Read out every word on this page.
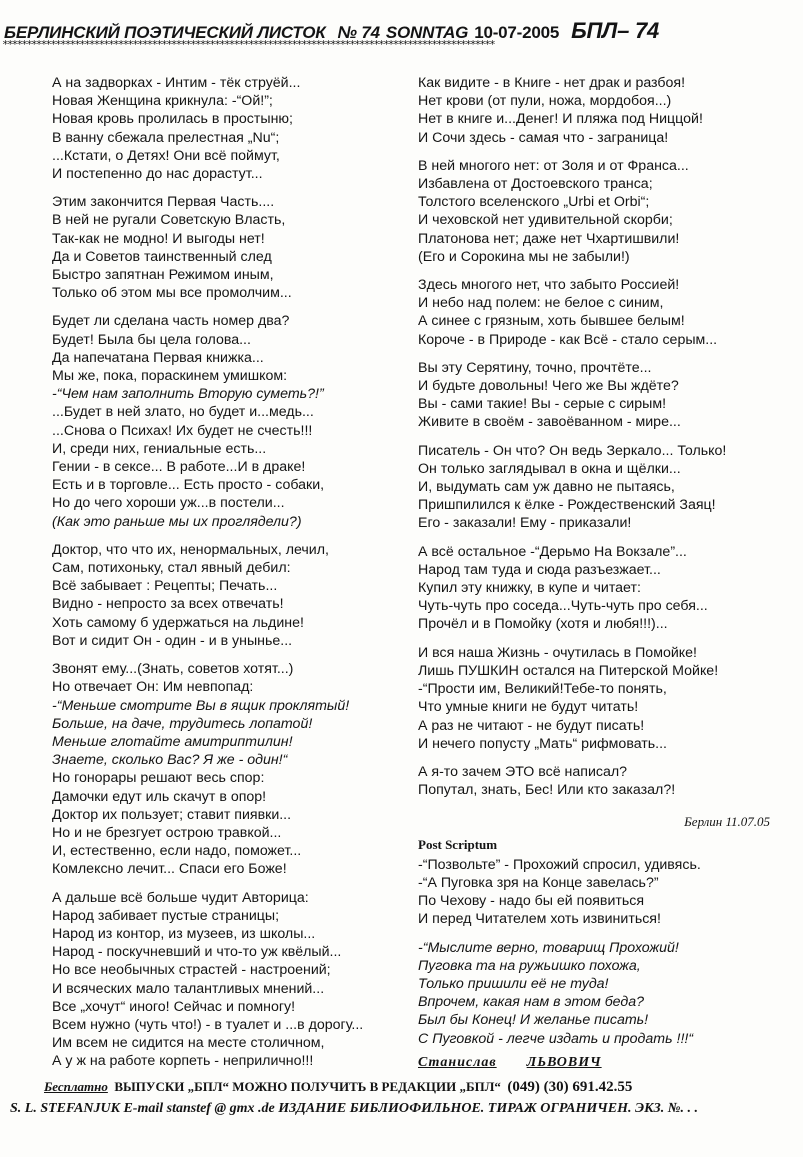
БЕРЛИНСКИЙ ПОЭТИЧЕСКИЙ ЛИСТОК № 74 SONNTAG 10-07-2005 БПЛ– 74
******************************************************************************************************
А на задворках - Интим - тёк струёй...
Новая Женщина крикнула: -“Ой!”;
Новая кровь пролилась в простыню;
В ванну сбежала прелестная „Nu“;
...Кстати, о Детях! Они всё поймут,
И постепенно до нас дорастут...
Этим закончится Первая Часть....
В ней не ругали Советскую Власть,
Так-как не модно! И выгоды нет!
Да и Советов таинственный след
Быстро запятнан Режимом иным,
Только об этом мы все промолчим...
Будет ли сделана часть номер два?
Будет! Была бы цела голова...
Да напечатана Первая книжка...
Мы же, пока, пораскинем умишком:
-“Чем нам заполнить Вторую суметь?!”
...Будет в ней злато, но будет и...медь...
...Снова о Психах! Их будет не счесть!!!
И, среди них, гениальные есть...
Гении - в сексе... В работе...И в драке!
Есть и в торговле... Есть просто - собаки,
Но до чего хороши уж...в постели...
(Как это раньше мы их проглядели?)
Доктор, что что их, ненормальных, лечил,
Сам, потихоньку, стал явный дебил:
Всё забывает : Рецепты; Печать...
Видно - непросто за всех отвечать!
Хоть самому б удержаться на льдине!
Вот и сидит Он - один - и в унынье...
Звонят ему...(Знать, советов хотят...)
Но отвечает Он: Им невпопад:
-“Меньше смотрите Вы в ящик проклятый!
Больше, на даче, трудитесь лопатой!
Меньше глотайте амитриптилин!
Знаете, сколько Вас? Я же - один!“
Но гонорары решают весь спор:
Дамочки едут иль скачут в опор!
Доктор их пользует; ставит пиявки...
Но и не брезгует острою травкой...
И, естественно, если надо, поможет...
Комлексно лечит... Спаси его Боже!
А дальше всё больше чудит Авторица:
Народ забивает пустые страницы;
Народ из контор, из музеев, из школы...
Народ - поскучневший и что-то уж квёлый...
Но все необычных страстей - настроений;
И всяческих мало талантливых мнений...
Все „хочут“ иного! Сейчас и помногу!
Всем нужно (чуть что!) - в туалет и ...в дорогу...
Им всем не сидится на месте столичном,
А у ж на работе корпеть - неприлично!!!
Как видите - в Книге - нет драк и разбоя!
Нет крови (от пули, ножа, мордобоя...)
Нет в книге и...Денег! И пляжа под Ниццой!
И Сочи здесь - самая что - заграница!
В ней многого нет: от Золя и от Франса...
Избавлена от Достоевского транса;
Толстого вселенского „Urbi et Orbi“;
И чеховской нет удивительной скорби;
Платонова нет; даже нет Чхартишвили!
(Его и Сорокина мы не забыли!)
Здесь многого нет, что забыто Россией!
И небо над полем: не белое с синим,
А синее с грязным, хоть бывшее белым!
Короче - в Природе - как Всё - стало серым...
Вы эту Серятину, точно, прочтёте...
И будьте довольны! Чего же Вы ждёте?
Вы - сами такие! Вы - серые с сирым!
Живите в своём - завоёванном - мире...
Писатель - Он что? Он ведь Зеркало... Только!
Он только заглядывал в окна и щёлки...
И, выдумать сам уж давно не пытаясь,
Пришпилился к ёлке - Рождественский Заяц!
Его - заказали! Ему - приказали!
А всё остальное -“Дерьмо На Вокзале”...
Народ там туда и сюда разъезжает...
Купил эту книжку, в купе и читает:
Чуть-чуть про соседа...Чуть-чуть про себя...
Прочёл и в Помойку (хотя и любя!!!)...
И вся наша Жизнь - очутилась в Помойке!
Лишь ПУШКИН остался на Питерской Мойке!
-“Прости им, Великий!Тебе-то понять,
Что умные книги не будут читать!
А раз не читают - не будут писать!
И нечего попусту „Мать“ рифмовать...
А я-то зачем ЭТО всё написал?
Попутал, знать, Бес! Или кто заказал?!
Берлин 11.07.05
Post Scriptum
-“Позвольте” - Прохожий спросил, удивясь.
-“А Пуговка зря на Конце завелась?”
По Чехову - надо бы ей появиться
И перед Читателем хоть извиниться!
-“Мыслите верно, товарищ Прохожий!
Пуговка та на ружьишко похожа,
Только пришили её не туда!
Впрочем, какая нам в этом беда?
Был бы Конец! И желанье писать!
С Пуговкой - легче издать и продать !!!“
Станислав ЛЬВОВИЧ
Бесплатно ВЫПУСКИ „БПЛ“ МОЖНО ПОЛУЧИТЬ В РЕДАКЦИИ „БПЛ“ (049) (30) 691.42.55
S. L. STEFANJUK E-mail stanstef @ gmx .de ИЗДАНИЕ БИБЛИОФИЛЬНОЕ. ТИРАЖ ОГРАНИЧЕН. ЭКЗ. №. . .
